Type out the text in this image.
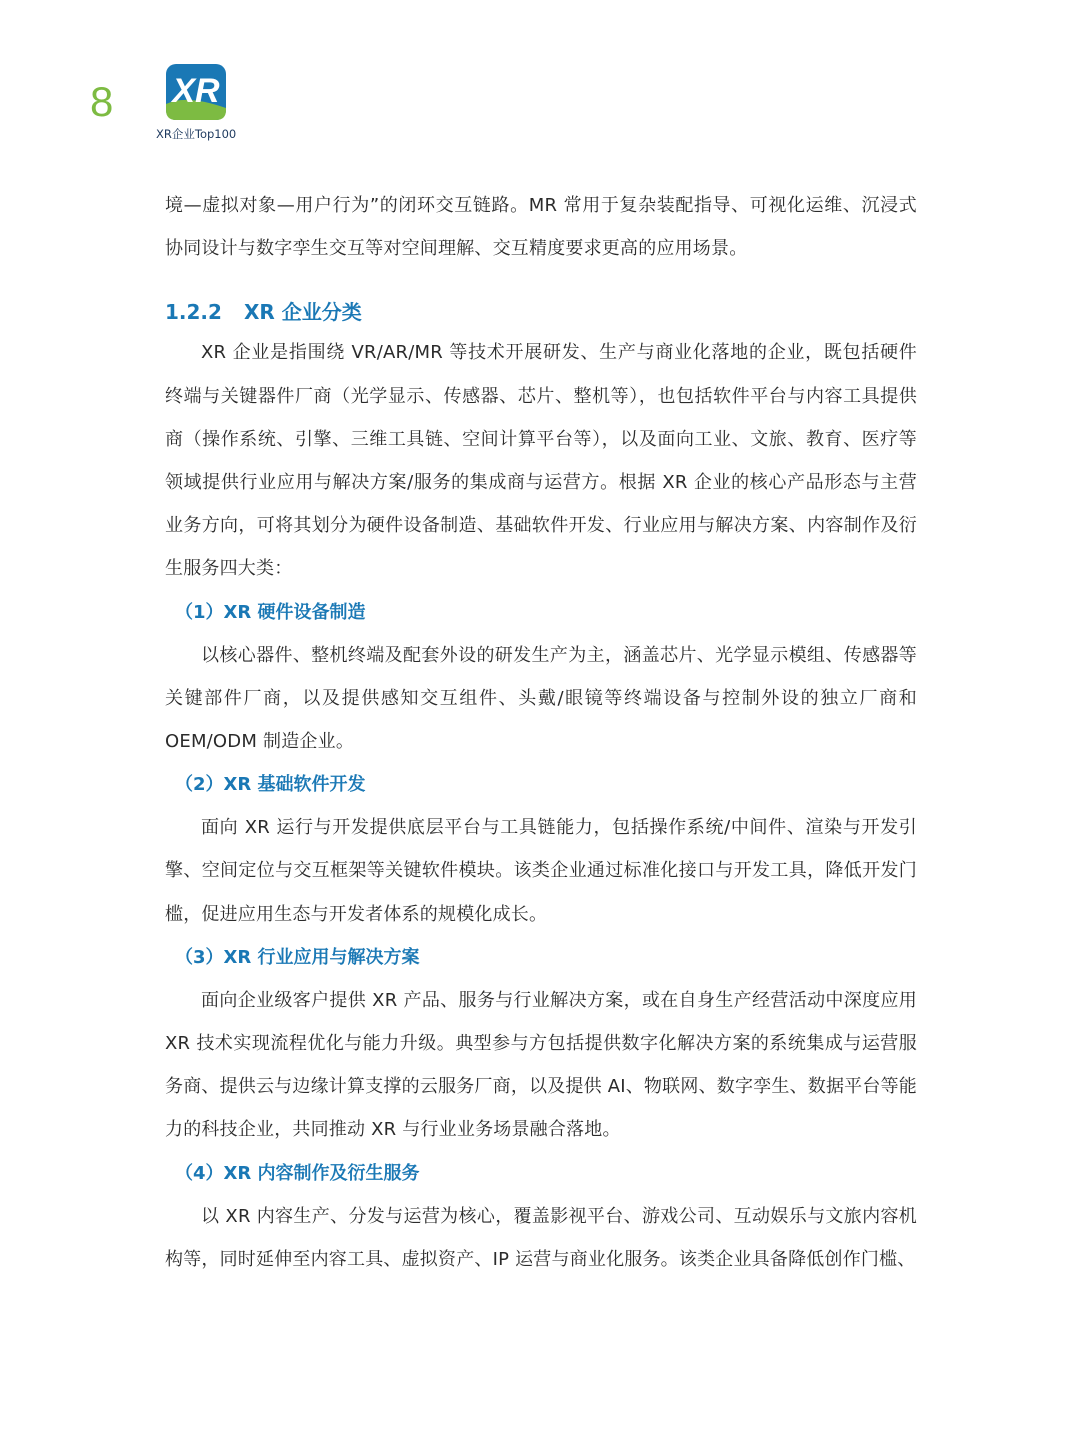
8 XR
XR企业Top100

境—虚拟对象—用户行为”的闭环交互链路。MR 常用于复杂装配指导、可视化运维、沉浸式协同设计与数字孪生交互等对空间理解、交互精度要求更高的应用场景。

1.2.2 XR 企业分类

XR 企业是指围绕 VR/AR/MR 等技术开展研发、生产与商业化落地的企业，既包括硬件终端与关键器件厂商（光学显示、传感器、芯片、整机等），也包括软件平台与内容工具提供商（操作系统、引擎、三维工具链、空间计算平台等），以及面向工业、文旅、教育、医疗等领域提供行业应用与解决方案/服务的集成商与运营方。根据 XR 企业的核心产品形态与主营业务方向，可将其划分为硬件设备制造、基础软件开发、行业应用与解决方案、内容制作及衍生服务四大类：

（1）XR 硬件设备制造

以核心器件、整机终端及配套外设的研发生产为主，涵盖芯片、光学显示模组、传感器等关键部件厂商，以及提供感知交互组件、头戴/眼镜等终端设备与控制外设的独立厂商和 OEM/ODM 制造企业。

（2）XR 基础软件开发

面向 XR 运行与开发提供底层平台与工具链能力，包括操作系统/中间件、渲染与开发引擎、空间定位与交互框架等关键软件模块。该类企业通过标准化接口与开发工具，降低开发门槛，促进应用生态与开发者体系的规模化成长。

（3）XR 行业应用与解决方案

面向企业级客户提供 XR 产品、服务与行业解决方案，或在自身生产经营活动中深度应用 XR 技术实现流程优化与能力升级。典型参与方包括提供数字化解决方案的系统集成与运营服务商、提供云与边缘计算支撑的云服务厂商，以及提供 AI、物联网、数字孪生、数据平台等能力的科技企业，共同推动 XR 与行业业务场景融合落地。

（4）XR 内容制作及衍生服务

以 XR 内容生产、分发与运营为核心，覆盖影视平台、游戏公司、互动娱乐与文旅内容机构等，同时延伸至内容工具、虚拟资产、IP 运营与商业化服务。该类企业具备降低创作门槛、
